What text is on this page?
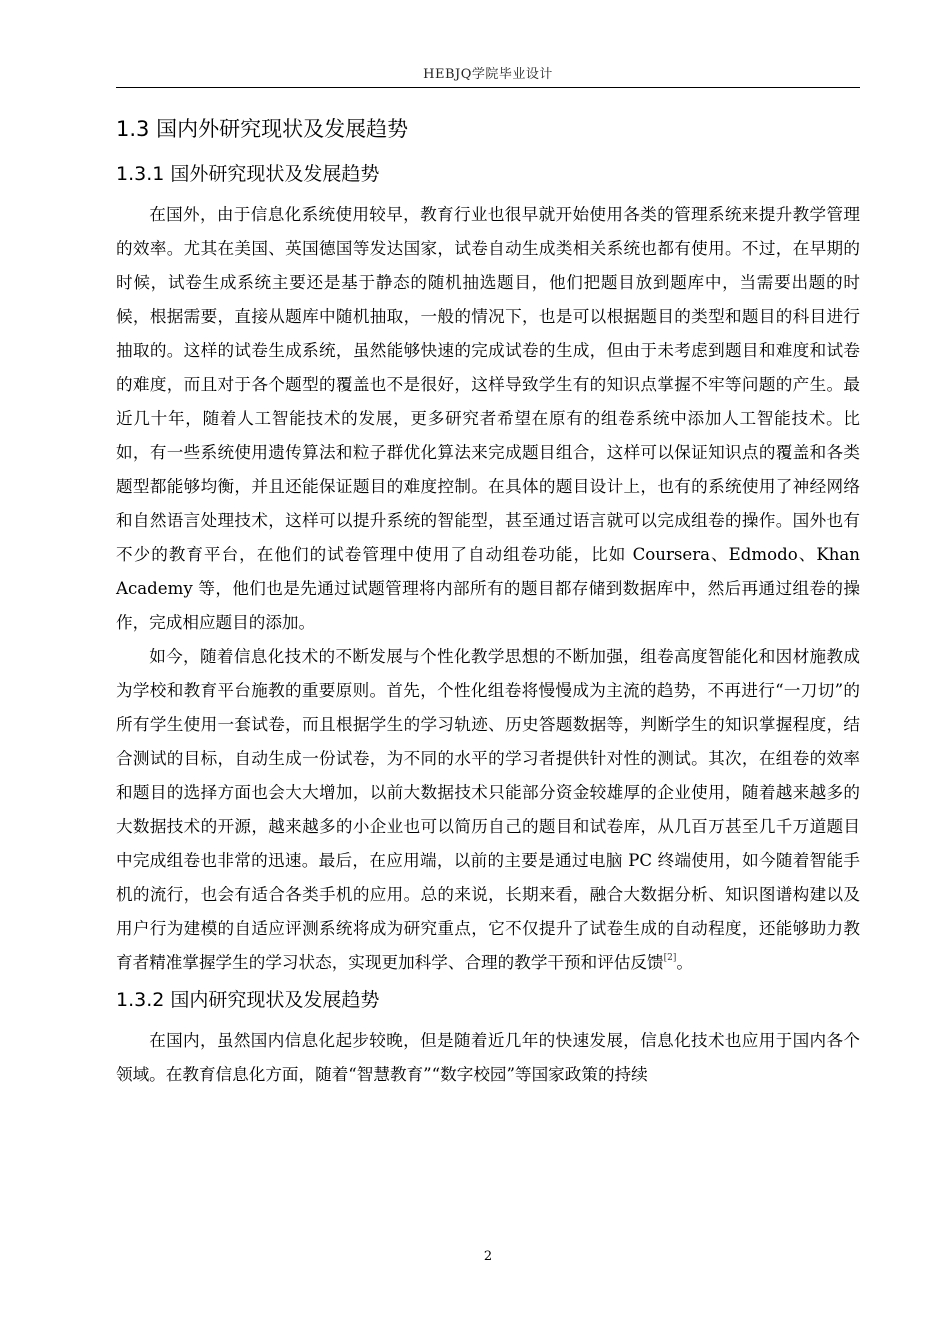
HEBJQ学院毕业设计
1.3 国内外研究现状及发展趋势
1.3.1 国外研究现状及发展趋势

在国外，由于信息化系统使用较早，教育行业也很早就开始使用各类的管理系统来提升教学管理的效率。尤其在美国、英国德国等发达国家，试卷自动生成类相关系统也都有使用。不过，在早期的时候，试卷生成系统主要还是基于静态的随机抽选题目，他们把题目放到题库中，当需要出题的时候，根据需要，直接从题库中随机抽取，一般的情况下，也是可以根据题目的类型和题目的科目进行抽取的。这样的试卷生成系统，虽然能够快速的完成试卷的生成，但由于未考虑到题目和难度和试卷的难度，而且对于各个题型的覆盖也不是很好，这样导致学生有的知识点掌握不牢等问题的产生。最近几十年，随着人工智能技术的发展，更多研究者希望在原有的组卷系统中添加人工智能技术。比如，有一些系统使用遗传算法和粒子群优化算法来完成题目组合，这样可以保证知识点的覆盖和各类题型都能够均衡，并且还能保证题目的难度控制。在具体的题目设计上，也有的系统使用了神经网络和自然语言处理技术，这样可以提升系统的智能型，甚至通过语言就可以完成组卷的操作。国外也有不少的教育平台，在他们的试卷管理中使用了自动组卷功能，比如 Coursera、Edmodo、Khan Academy 等，他们也是先通过试题管理将内部所有的题目都存储到数据库中，然后再通过组卷的操作，完成相应题目的添加。

如今，随着信息化技术的不断发展与个性化教学思想的不断加强，组卷高度智能化和因材施教成为学校和教育平台施教的重要原则。首先，个性化组卷将慢慢成为主流的趋势，不再进行“一刀切”的所有学生使用一套试卷，而且根据学生的学习轨迹、历史答题数据等，判断学生的知识掌握程度，结合测试的目标，自动生成一份试卷，为不同的水平的学习者提供针对性的测试。其次，在组卷的效率和题目的选择方面也会大大增加，以前大数据技术只能部分资金较雄厚的企业使用，随着越来越多的大数据技术的开源，越来越多的小企业也可以简历自己的题目和试卷库，从几百万甚至几千万道题目中完成组卷也非常的迅速。最后，在应用端，以前的主要是通过电脑 PC 终端使用，如今随着智能手机的流行，也会有适合各类手机的应用。总的来说，长期来看，融合大数据分析、知识图谱构建以及用户行为建模的自适应评测系统将成为研究重点，它不仅提升了试卷生成的自动程度，还能够助力教育者精准掌握学生的学习状态，实现更加科学、合理的教学干预和评估反馈[2]。

1.3.2 国内研究现状及发展趋势

在国内，虽然国内信息化起步较晚，但是随着近几年的快速发展，信息化技术也应用于国内各个领域。在教育信息化方面，随着“智慧教育”“数字校园”等国家政策的持续

2
